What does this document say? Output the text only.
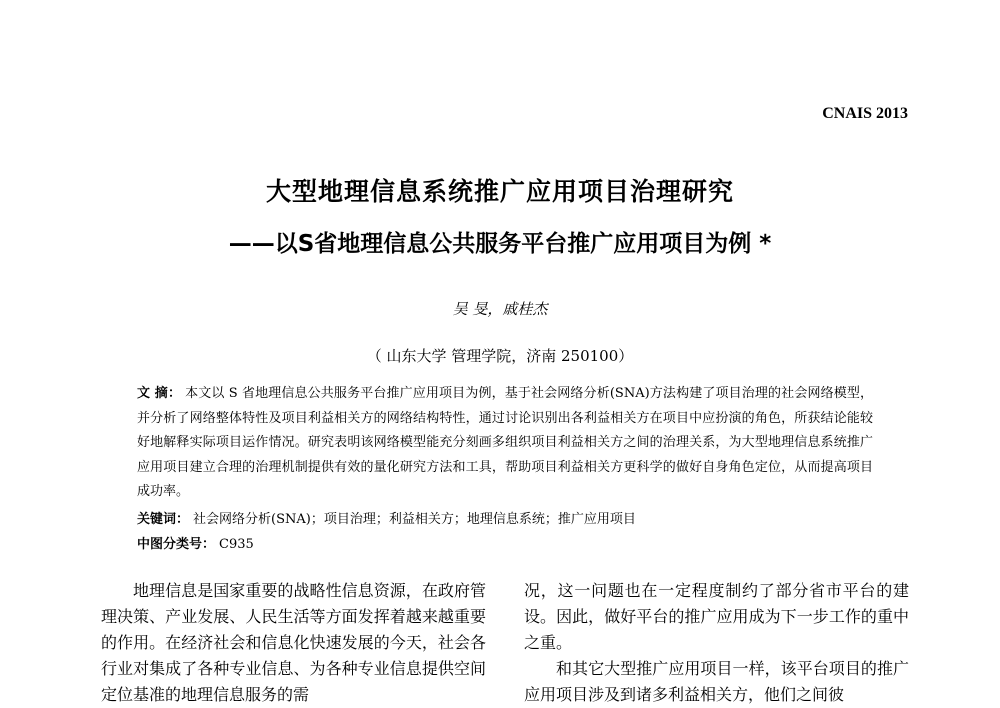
CNAIS 2013
大型地理信息系统推广应用项目治理研究
——以S省地理信息公共服务平台推广应用项目为例 *
吴 旻，戚桂杰
（ 山东大学 管理学院，济南 250100）
文 摘： 本文以 S 省地理信息公共服务平台推广应用项目为例，基于社会网络分析(SNA)方法构建了项目治理的社会网络模型，并分析了网络整体特性及项目利益相关方的网络结构特性，通过讨论识别出各利益相关方在项目中应扮演的角色，所获结论能较好地解释实际项目运作情况。研究表明该网络模型能充分刻画多组织项目利益相关方之间的治理关系，为大型地理信息系统推广应用项目建立合理的治理机制提供有效的量化研究方法和工具，帮助项目利益相关方更科学的做好自身角色定位，从而提高项目成功率。
关键词： 社会网络分析(SNA)；项目治理；利益相关方；地理信息系统；推广应用项目
中图分类号： C935

地理信息是国家重要的战略性信息资源，在政府管理决策、产业发展、人民生活等方面发挥着越来越重要的作用。在经济社会和信息化快速发展的今天，社会各行业对集成了各种专业信息、为各种专业信息提供空间定位基准的地理信息服务的需

况，这一问题也在一定程度制约了部分省市平台的建设。因此，做好平台的推广应用成为下一步工作的重中之重。

和其它大型推广应用项目一样，该平台项目的推广应用项目涉及到诸多利益相关方，他们之间彼
